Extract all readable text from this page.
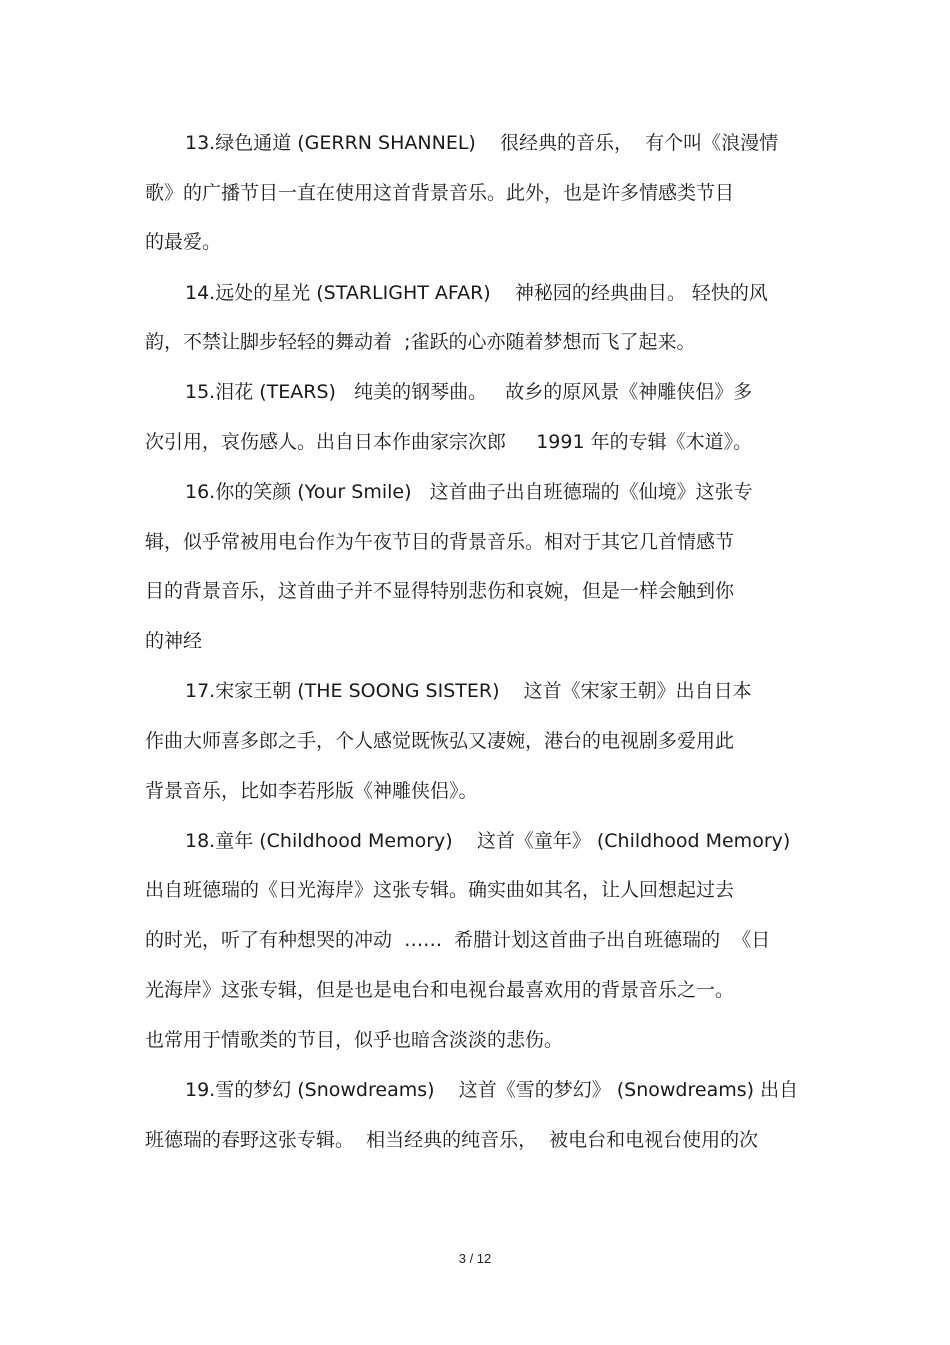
13.绿色通道 (GERRN SHANNEL)    很经典的音乐，  有个叫《浪漫情
歌》的广播节目一直在使用这首背景音乐。此外，也是许多情感类节目
的最爱。
14.远处的星光 (STARLIGHT AFAR)    神秘园的经典曲目。 轻快的风
韵，不禁让脚步轻轻的舞动着  ;雀跃的心亦随着梦想而飞了起来。
15.泪花 (TEARS)   纯美的钢琴曲。   故乡的原风景《神雕侠侣》多
次引用，哀伤感人。出自日本作曲家宗次郎     1991 年的专辑《木道》。
16.你的笑颜 (Your Smile)   这首曲子出自班德瑞的《仙境》这张专
辑，似乎常被用电台作为午夜节目的背景音乐。相对于其它几首情感节
目的背景音乐，这首曲子并不显得特别悲伤和哀婉，但是一样会触到你
的神经
17.宋家王朝 (THE SOONG SISTER)    这首《宋家王朝》出自日本
作曲大师喜多郎之手，个人感觉既恢弘又凄婉，港台的电视剧多爱用此
背景音乐，比如李若彤版《神雕侠侣》。
18.童年 (Childhood Memory)    这首《童年》 (Childhood Memory)
出自班德瑞的《日光海岸》这张专辑。确实曲如其名，让人回想起过去
的时光，听了有种想哭的冲动  ……  希腊计划这首曲子出自班德瑞的  《日
光海岸》这张专辑，但是也是电台和电视台最喜欢用的背景音乐之一。
也常用于情歌类的节目，似乎也暗含淡淡的悲伤。
19.雪的梦幻 (Snowdreams)    这首《雪的梦幻》 (Snowdreams) 出自
班德瑞的春野这张专辑。  相当经典的纯音乐，  被电台和电视台使用的次
3 / 12
